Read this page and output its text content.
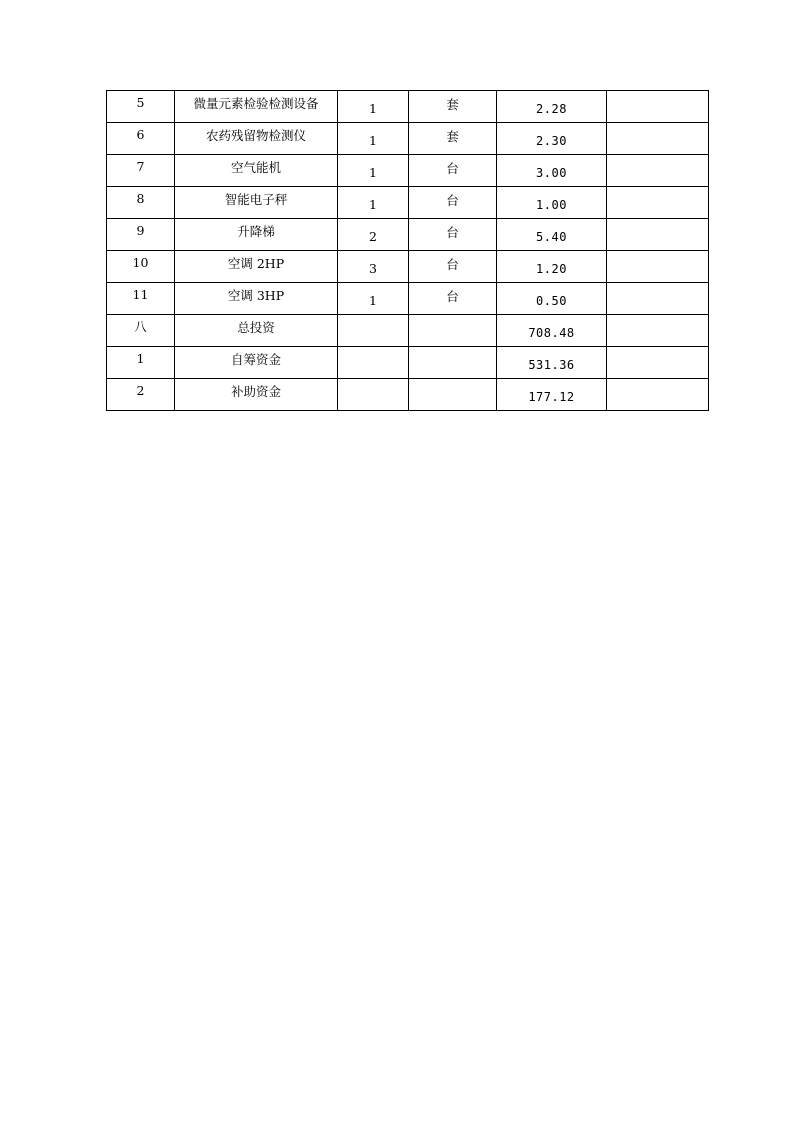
5	微量元素检验检测设备	1	套	2.28	
6	农药残留物检测仪	1	套	2.30	
7	空气能机	1	台	3.00	
8	智能电子秤	1	台	1.00	
9	升降梯	2	台	5.40	
10	空调 2HP	3	台	1.20	
11	空调 3HP	1	台	0.50	
八	总投资			708.48	
1	自筹资金			531.36	
2	补助资金			177.12	
